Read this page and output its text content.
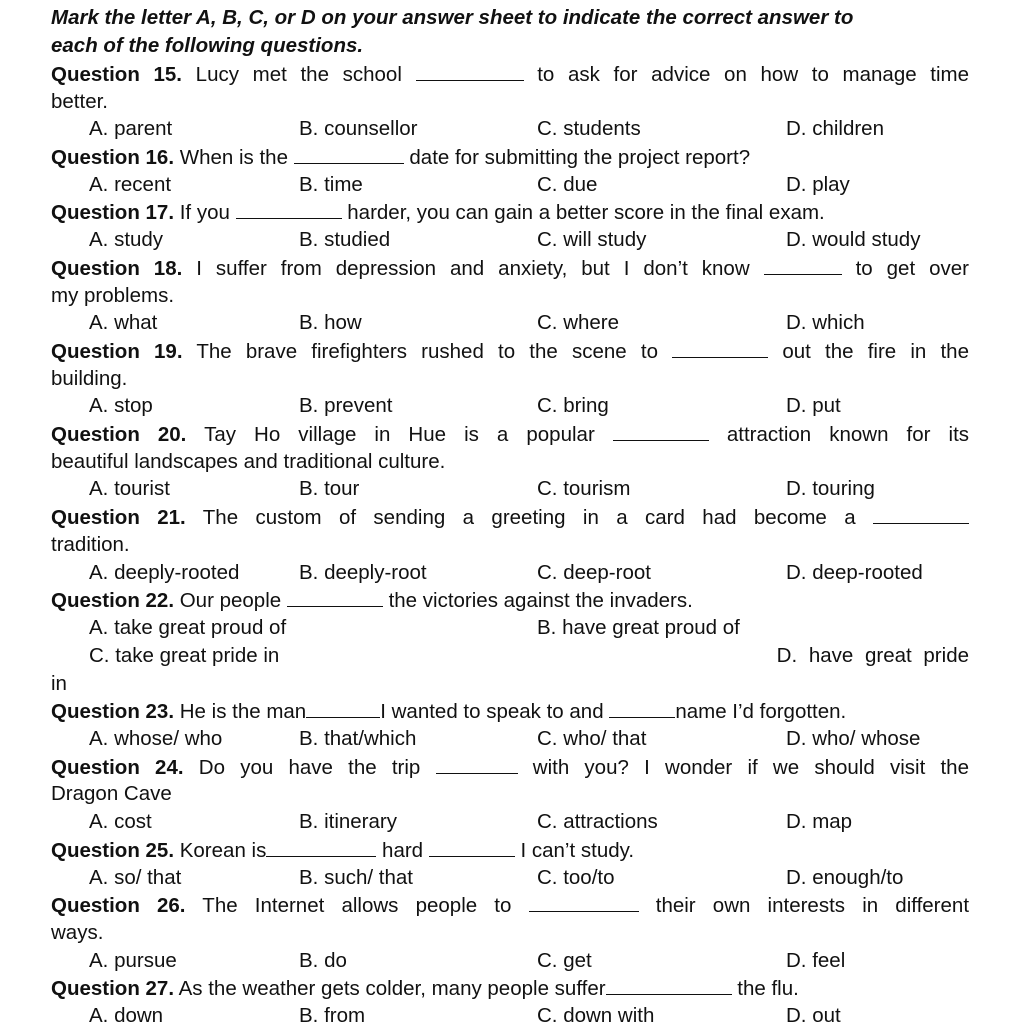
Mark the letter A, B, C, or D on your answer sheet to indicate the correct answer to
each of the following questions.
Question 15. Lucy met the school	to ask for advice on how to manage time
better.
A. parent	B. counsellor	C. students	D. children
Question 16. When is the	date for submitting the project report?
A. recent	B. time	C. due	D. play
Question 17. If you	harder, you can gain a better score in the final exam.
A. study	B. studied	C. will study	D. would study
Question 18. I suffer from depression and anxiety, but I don’t know	to get over
my problems.
A. what	B. how	C. where	D. which
Question 19. The brave firefighters rushed to the scene to	out the fire in the
building.
A. stop	B. prevent	C. bring	D. put
Question 20. Tay Ho village in Hue is a popular	attraction known for its
beautiful landscapes and traditional culture.
A. tourist	B. tour	C. tourism	D. touring
Question 21. The custom of sending a greeting in a card had become a
tradition.
A. deeply-rooted	B. deeply-root	C. deep-root	D. deep-rooted
Question 22. Our people	the victories against the invaders.
A. take great proud of	B. have great proud of
C. take great pride in	D. have great pride
in
Question 23. He is the man	I wanted to speak to and	name I’d forgotten.
A. whose/ who	B. that/which	C. who/ that	D. who/ whose
Question 24. Do you have the trip	with you? I wonder if we should visit the
Dragon Cave
A. cost	B. itinerary	C. attractions	D. map
Question 25. Korean is	hard	I can’t study.
A. so/ that	B. such/ that	C. too/to	D. enough/to
Question 26. The Internet allows people to	their own interests in different
ways.
A. pursue	B. do	C. get	D. feel
Question 27. As the weather gets colder, many people suffer	the flu.
A. down	B. from	C. down with	D. out
